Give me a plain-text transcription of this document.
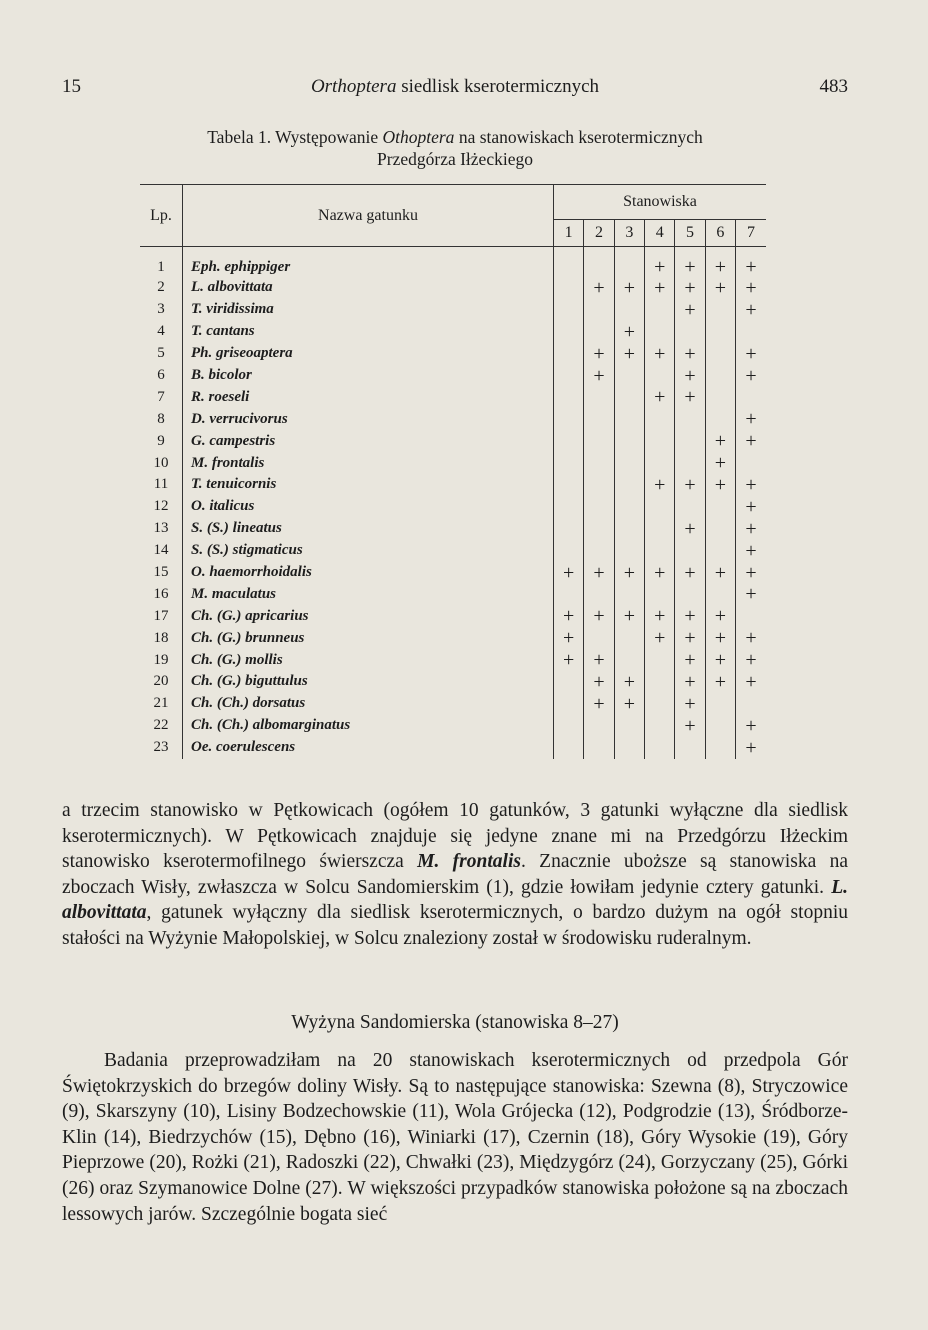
15	Orthoptera siedlisk kserotermicznych	483
Tabela 1. Występowanie Othoptera na stanowiskach kserotermicznych
Przedgórza Iłżeckiego
Lp.	Nazwa gatunku	Stanowiska						
		1	2	3	4	5	6	7
1	Eph. ephippiger				+	+	+	+
2	L. albovittata		+	+	+	+	+	+
3	T. viridissima					+		+
4	T. cantans			+				
5	Ph. griseoaptera		+	+	+	+		+
6	B. bicolor		+			+		+
7	R. roeseli				+	+		
8	D. verrucivorus							+
9	G. campestris						+	+
10	M. frontalis						+	
11	T. tenuicornis				+	+	+	+
12	O. italicus							+
13	S. (S.) lineatus					+		+
14	S. (S.) stigmaticus							+
15	O. haemorrhoidalis	+	+	+	+	+	+	+
16	M. maculatus							+
17	Ch. (G.) apricarius	+	+	+	+	+	+	
18	Ch. (G.) brunneus	+			+	+	+	+
19	Ch. (G.) mollis	+	+			+	+	+
20	Ch. (G.) biguttulus		+	+		+	+	+
21	Ch. (Ch.) dorsatus		+	+		+		
22	Ch. (Ch.) albomarginatus					+		+
23	Oe. coerulescens							+
a trzecim stanowisko w Pętkowicach (ogółem 10 gatunków, 3 gatunki wyłączne dla siedlisk kserotermicznych). W Pętkowicach znajduje się jedyne znane mi na Przedgórzu Iłżeckim stanowisko kserotermofilnego świerszcza M. frontalis. Znacznie uboższe są stanowiska na zboczach Wisły, zwłaszcza w Solcu Sandomierskim (1), gdzie łowiłam jedynie cztery gatunki. L. albovittata, gatunek wyłączny dla siedlisk kserotermicznych, o bardzo dużym na ogół stopniu stałości na Wyżynie Małopolskiej, w Solcu znaleziony został w środowisku ruderalnym.
Wyżyna Sandomierska (stanowiska 8–27)
Badania przeprowadziłam na 20 stanowiskach kserotermicznych od przedpola Gór Świętokrzyskich do brzegów doliny Wisły. Są to następujące stanowiska: Szewna (8), Stryczowice (9), Skarszyny (10), Lisiny Bodzechowskie (11), Wola Grójecka (12), Podgrodzie (13), Śródborze-Klin (14), Biedrzychów (15), Dębno (16), Winiarki (17), Czernin (18), Góry Wysokie (19), Góry Pieprzowe (20), Rożki (21), Radoszki (22), Chwałki (23), Międzygórz (24), Gorzyczany (25), Górki (26) oraz Szymanowice Dolne (27). W większości przypadków stanowiska położone są na zboczach lessowych jarów. Szczególnie bogata sieć
